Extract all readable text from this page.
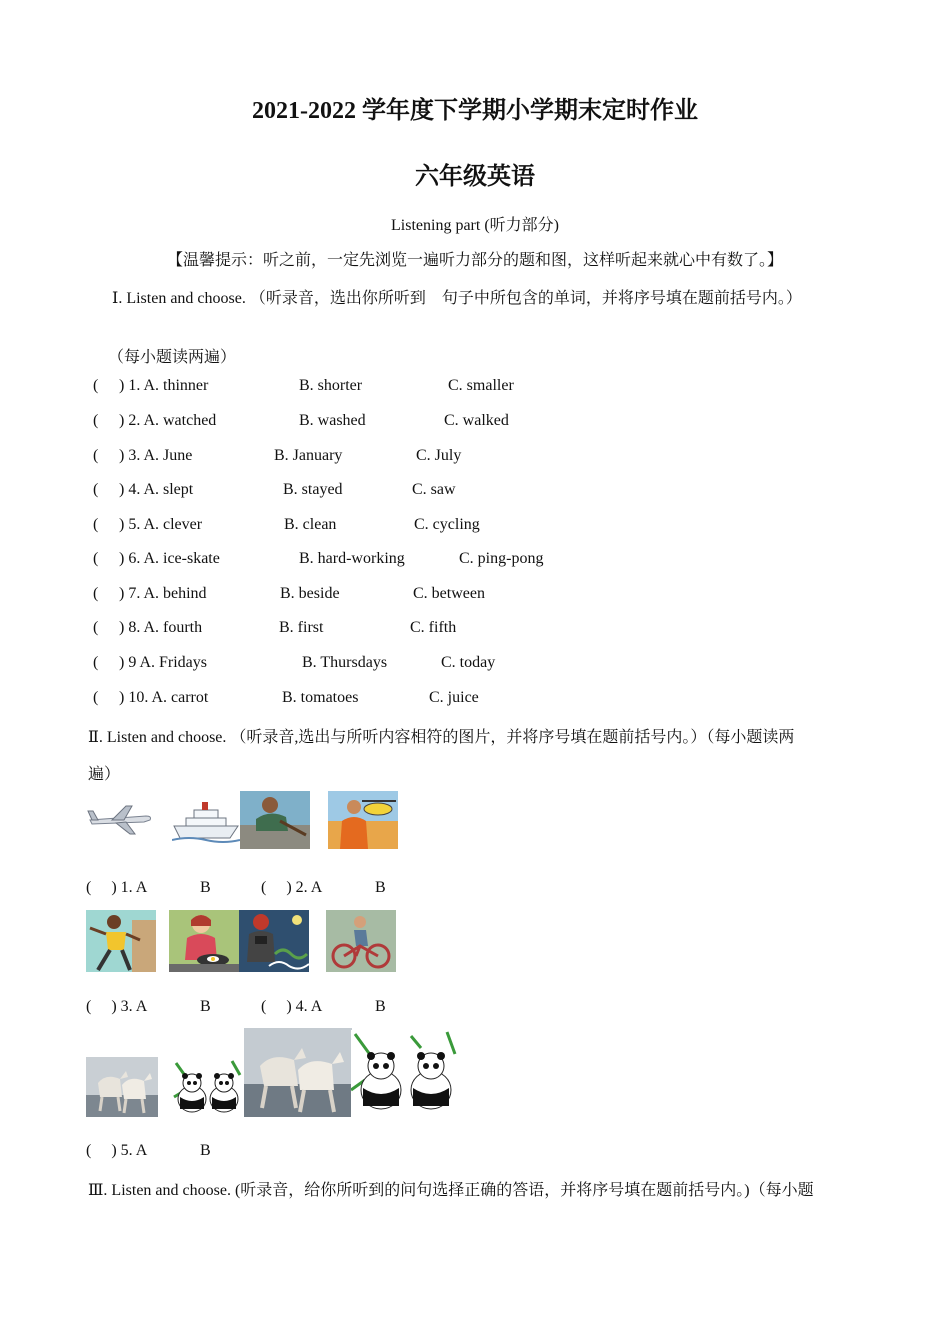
2021-2022 学年度下学期小学期末定时作业
六年级英语
Listening part (听力部分)
【温馨提示：听之前，一定先浏览一遍听力部分的题和图，这样听起来就心中有数了。】
Ⅰ. Listen and choose. （听录音，选出你所听到　句子中所包含的单词，并将序号填在题前括号内。）
（每小题读两遍）
( ) 1. A. thinner	B. shorter	C. smaller
( ) 2. A. watched	B. washed	C. walked
( ) 3. A. June	B. January	C. July
( ) 4. A. slept	B. stayed	C. saw
( ) 5. A. clever	B. clean	C. cycling
( ) 6. A. ice-skate	B. hard-working	C. ping-pong
( ) 7. A. behind	B. beside	C. between
( ) 8. A. fourth	B. first	C. fifth
( ) 9 A. Fridays	B. Thursdays	C. today
( ) 10. A. carrot	B. tomatoes	C. juice
Ⅱ. Listen and choose. （听录音,选出与所听内容相符的图片，并将序号填在题前括号内。）（每小题读两
遍）
(     ) 1. A	B	(     ) 2. A	B
(     ) 3. A	B	(     ) 4. A	B
(     ) 5. A	B
Ⅲ. Listen and choose. (听录音，给你所听到的问句选择正确的答语，并将序号填在题前括号内。)（每小题
